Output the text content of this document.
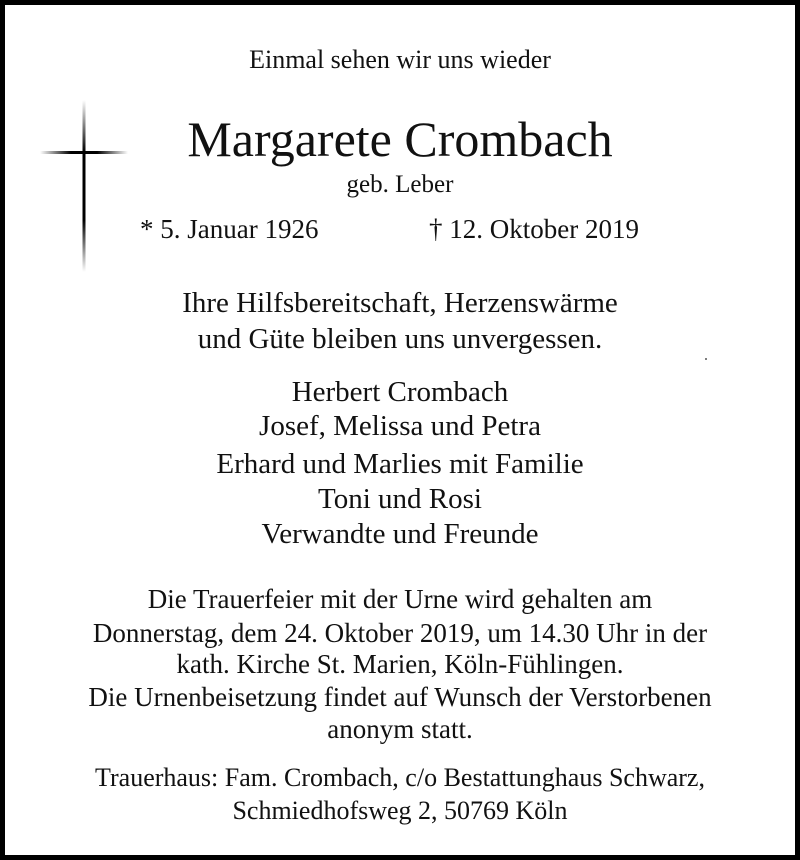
Einmal sehen wir uns wieder
Margarete Crombach
geb. Leber
* 5. Januar 1926	† 12. Oktober 2019
Ihre Hilfsbereitschaft, Herzenswärme
und Güte bleiben uns unvergessen.
Herbert Crombach
Josef, Melissa und Petra
Erhard und Marlies mit Familie
Toni und Rosi
Verwandte und Freunde
Die Trauerfeier mit der Urne wird gehalten am
Donnerstag, dem 24. Oktober 2019, um 14.30 Uhr in der
kath. Kirche St. Marien, Köln-Fühlingen.
Die Urnenbeisetzung findet auf Wunsch der Verstorbenen
anonym statt.
Trauerhaus: Fam. Crombach, c/o Bestattunghaus Schwarz,
Schmiedhofsweg 2, 50769 Köln
